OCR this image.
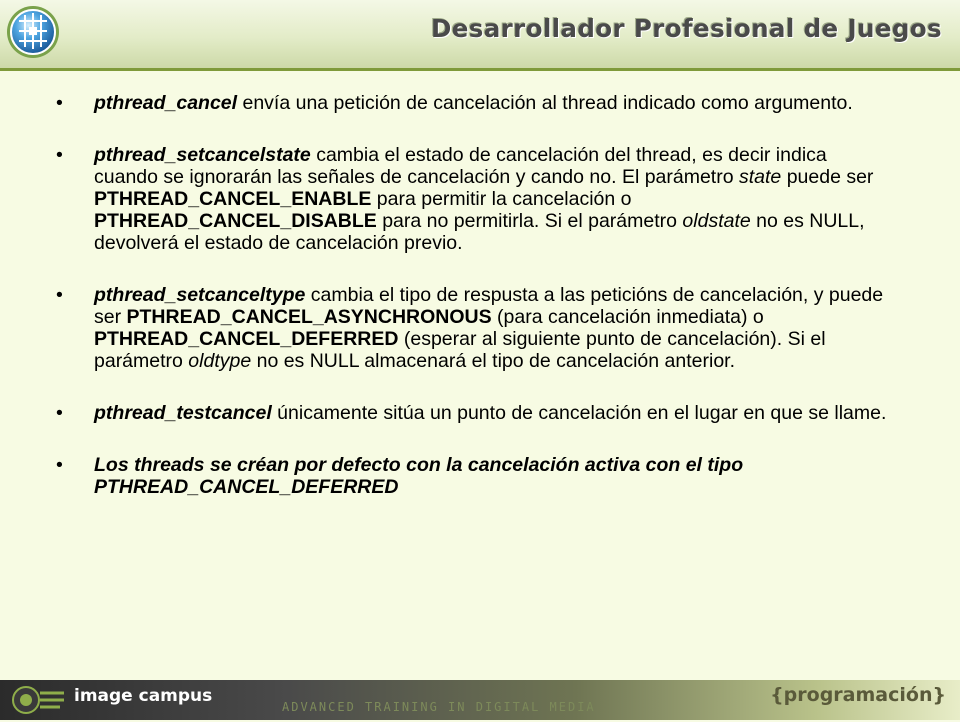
Desarrollador Profesional de Juegos
•	pthread_cancel envía una petición de cancelación al thread indicado como argumento.
•	pthread_setcancelstate cambia el estado de cancelación del thread, es decir indica cuando se ignorarán las señales de cancelación y cando no. El parámetro state puede ser PTHREAD_CANCEL_ENABLE para permitir la cancelación o PTHREAD_CANCEL_DISABLE para no permitirla. Si el parámetro oldstate no es NULL, devolverá el estado de cancelación previo.
•	pthread_setcanceltype cambia el tipo de respusta a las peticións de cancelación, y puede ser PTHREAD_CANCEL_ASYNCHRONOUS (para cancelación inmediata) o PTHREAD_CANCEL_DEFERRED (esperar al siguiente punto de cancelación). Si el parámetro oldtype no es NULL almacenará el tipo de cancelación anterior.
•	pthread_testcancel únicamente sitúa un punto de cancelación en el lugar en que se llame.
•	Los threads se créan por defecto con la cancelación activa con el tipo PTHREAD_CANCEL_DEFERRED
image campus
ADVANCED TRAINING IN DIGITAL MEDIA
{programación}
